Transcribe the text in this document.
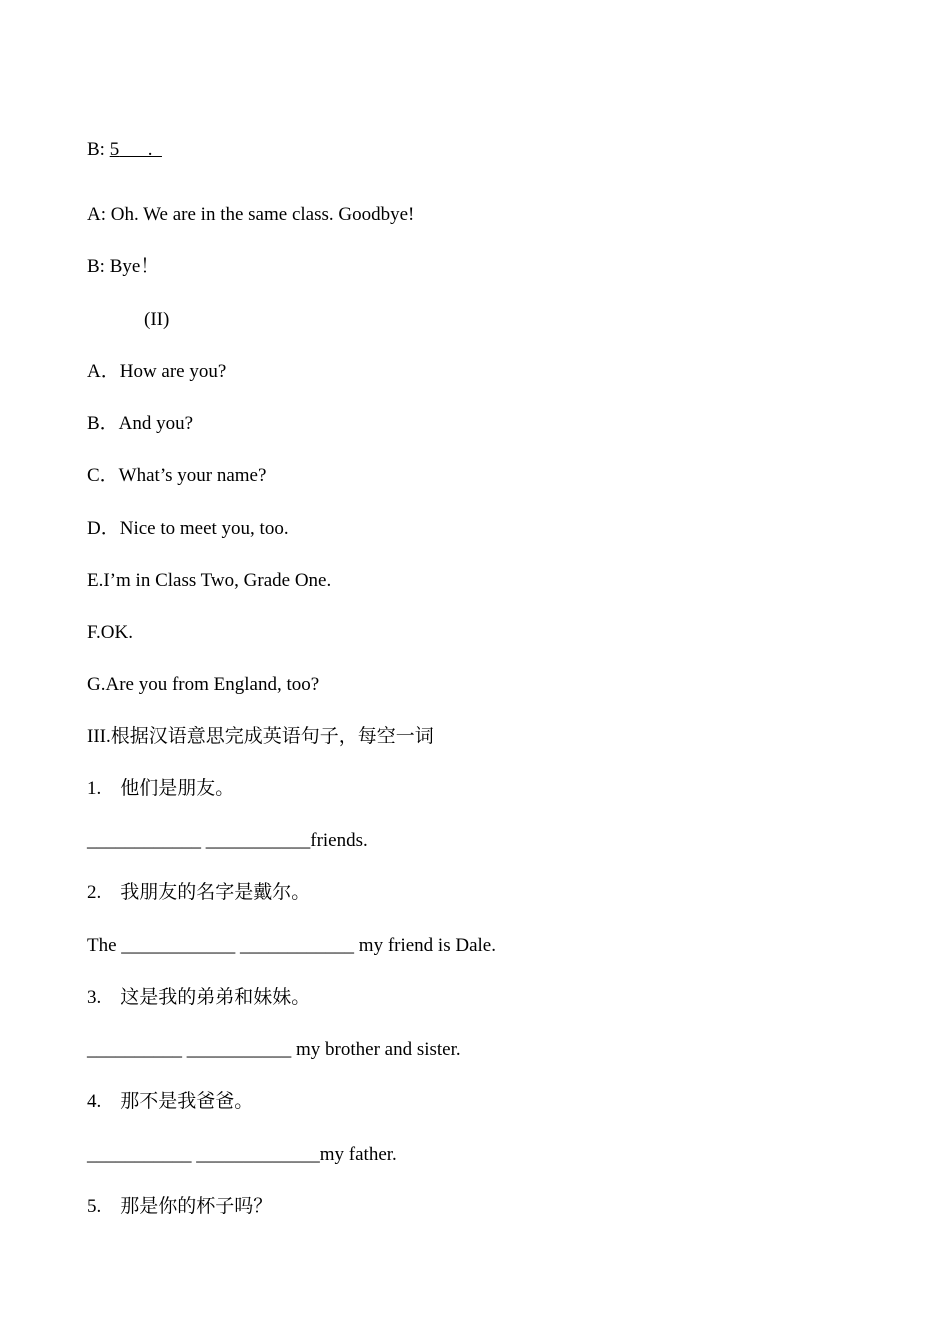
B: 5      .
A: Oh. We are in the same class. Goodbye!
B: Bye！
(II)
A．How are you?
B．And you?
C．What’s your name?
D．Nice to meet you, too.
E.I’m in Class Two, Grade One.
F.OK.
G.Are you from England, too?
III.根据汉语意思完成英语句子，每空一词
1.    他们是朋友。
____________ ___________friends.
2.    我朋友的名字是戴尔。
The ____________ ____________ my friend is Dale.
3.    这是我的弟弟和妹妹。
__________ ___________ my brother and sister.
4.    那不是我爸爸。
___________ _____________my father.
5.    那是你的杯子吗？
